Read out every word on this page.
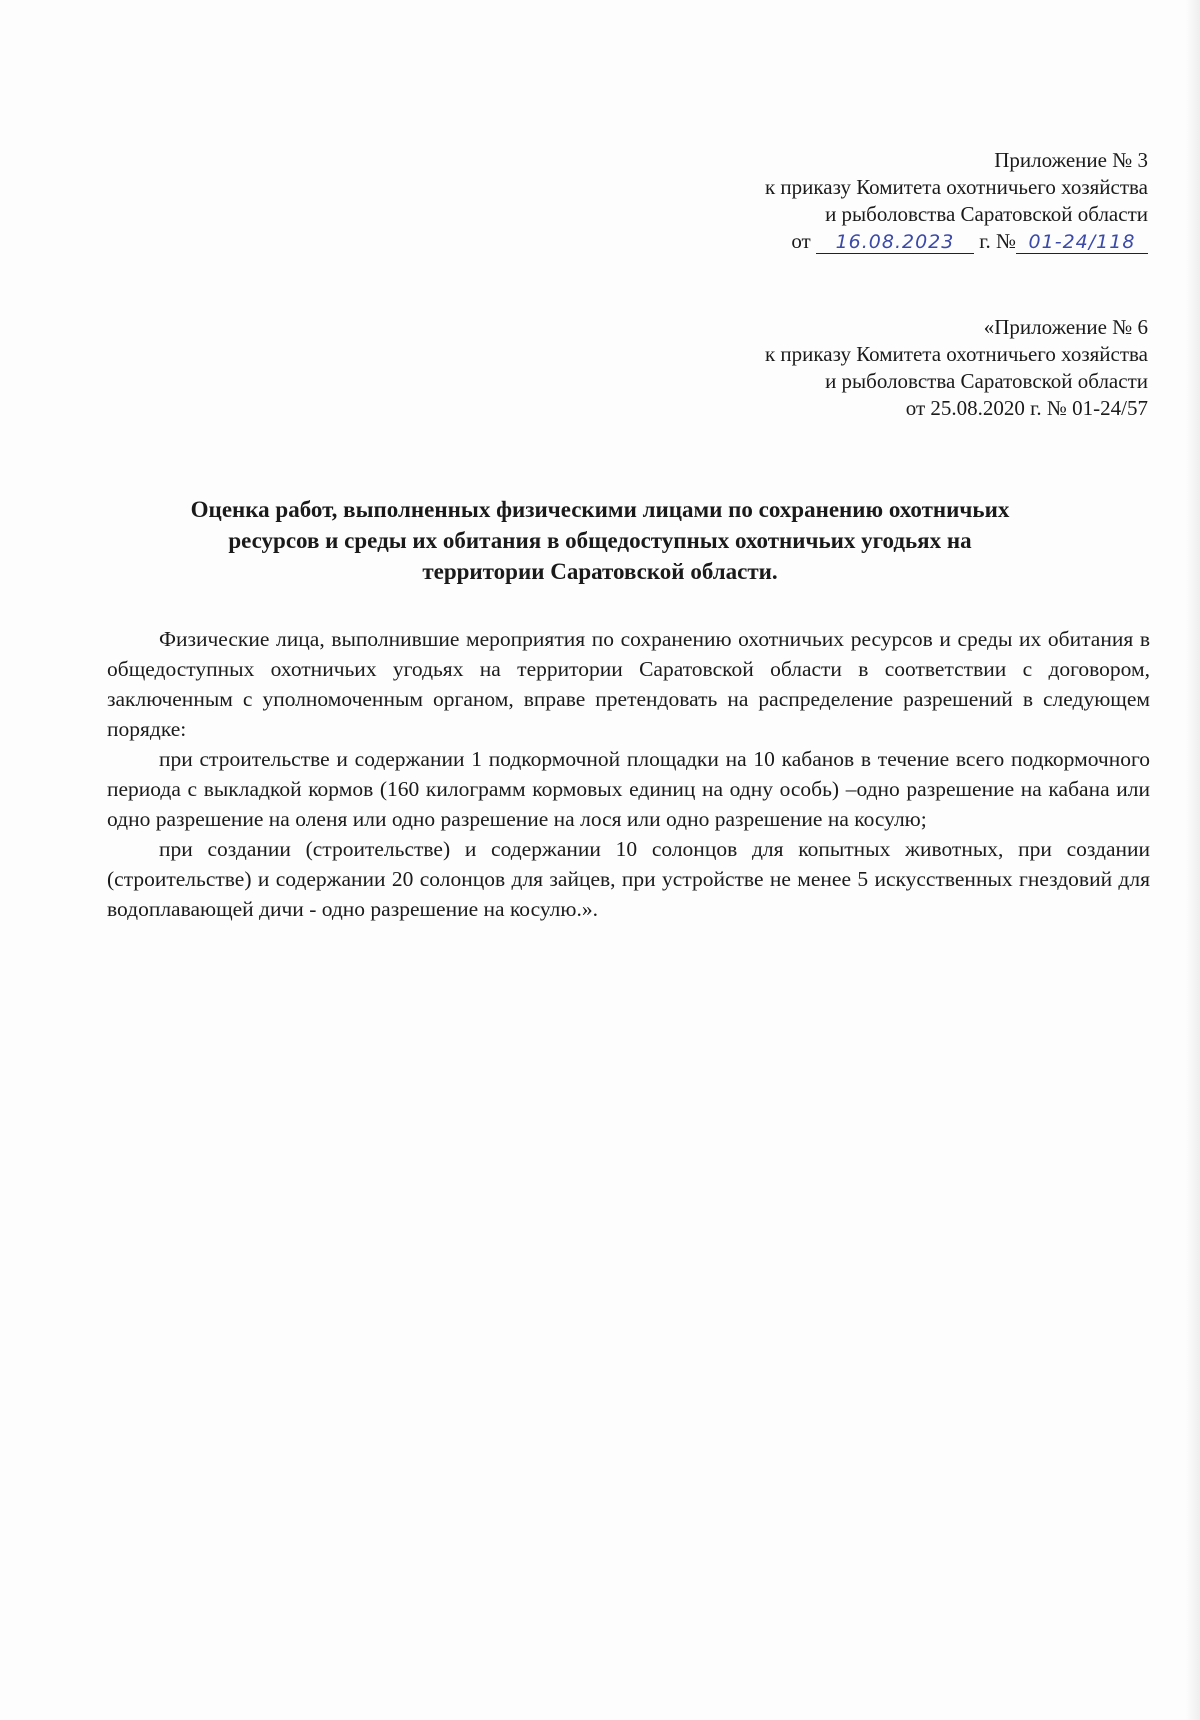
Приложение № 3
к приказу Комитета охотничьего хозяйства
и рыболовства Саратовской области
от 16.08.2023 г. № 01-24/118
«Приложение № 6
к приказу Комитета охотничьего хозяйства
и рыболовства Саратовской области
от 25.08.2020 г. № 01-24/57
Оценка работ, выполненных физическими лицами по сохранению охотничьих
ресурсов и среды их обитания в общедоступных охотничьих угодьях на
территории Саратовской области.

Физические лица, выполнившие мероприятия по сохранению охотничьих ресурсов и среды их обитания в общедоступных охотничьих угодьях на территории Саратовской области в соответствии с договором, заключенным с уполномоченным органом, вправе претендовать на распределение разрешений в следующем порядке:

при строительстве и содержании 1 подкормочной площадки на 10 кабанов в течение всего подкормочного периода с выкладкой кормов (160 килограмм кормовых единиц на одну особь) –одно разрешение на кабана или одно разрешение на оленя или одно разрешение на лося или одно разрешение на косулю;

при создании (строительстве) и содержании 10 солонцов для копытных животных, при создании (строительстве) и содержании 20 солонцов для зайцев, при устройстве не менее 5 искусственных гнездовий для водоплавающей дичи - одно разрешение на косулю.».
